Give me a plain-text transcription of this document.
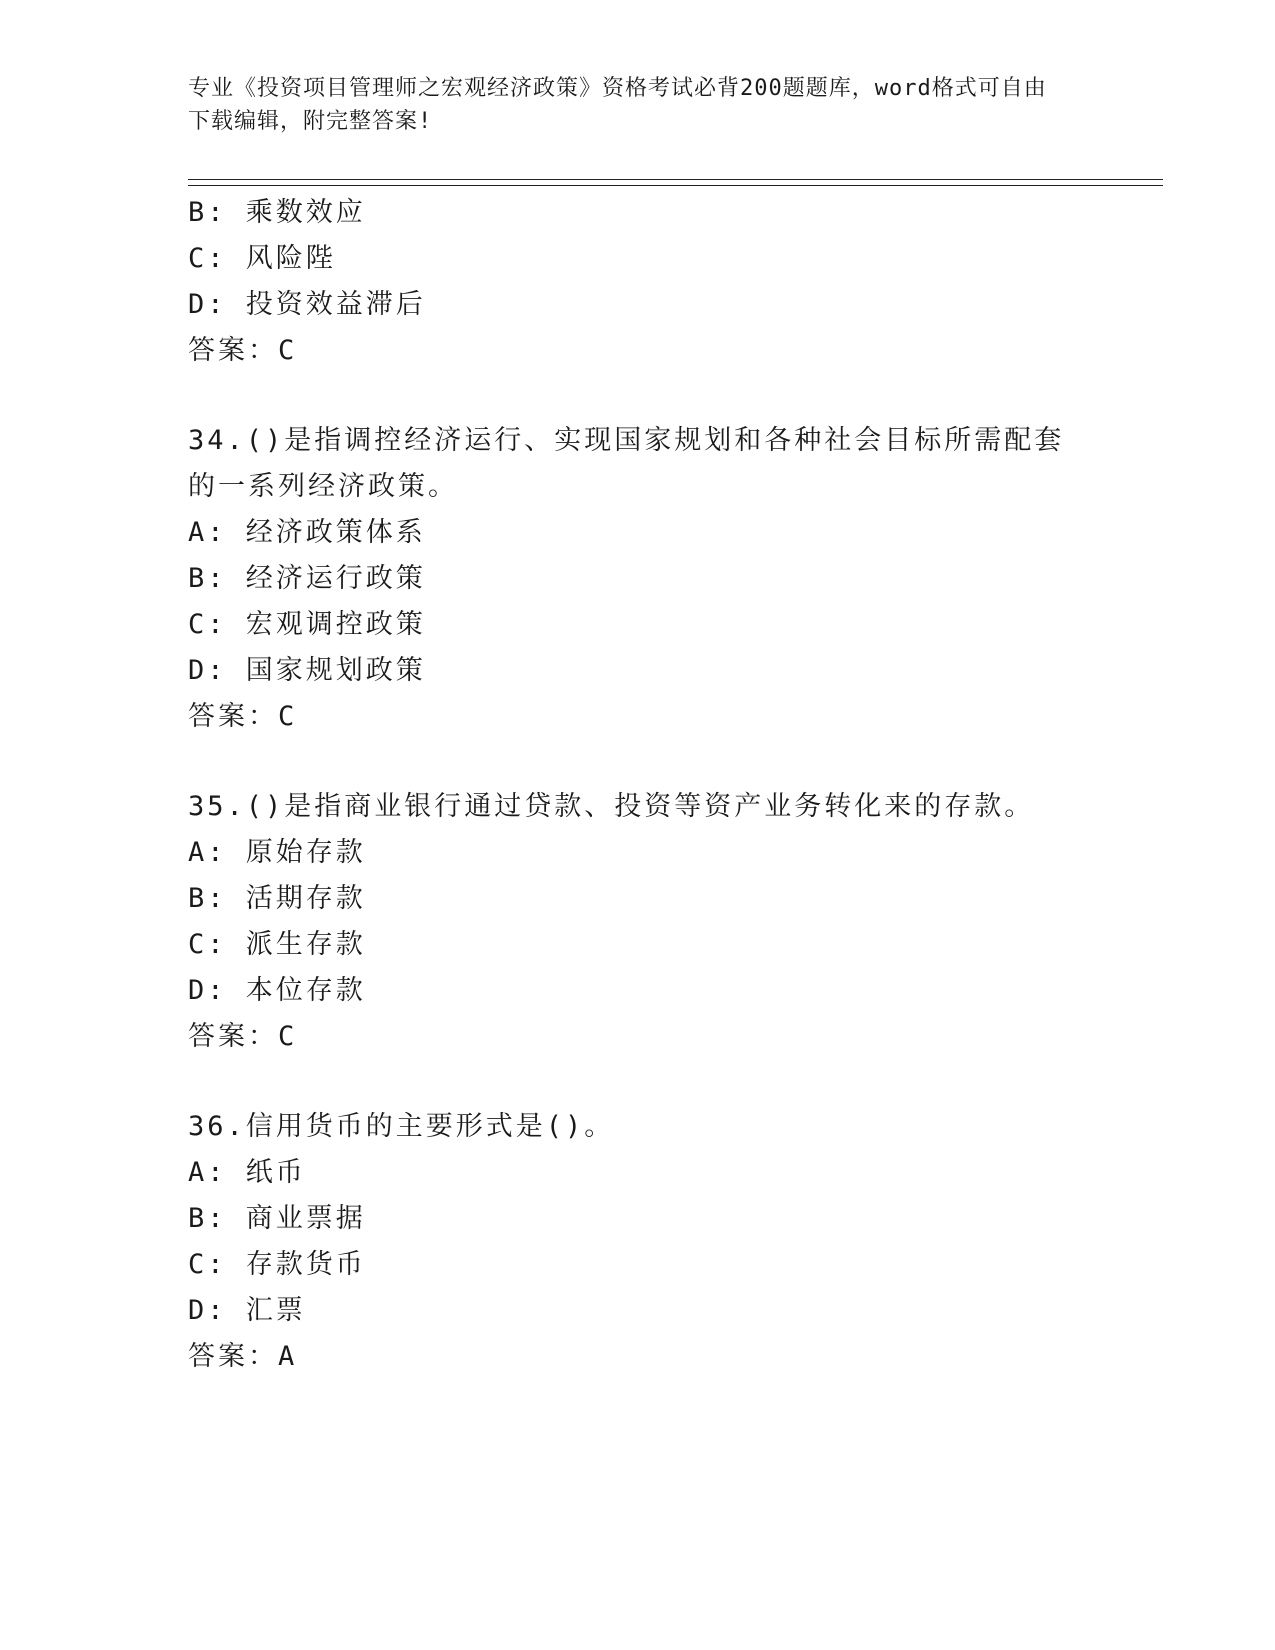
专业《投资项目管理师之宏观经济政策》资格考试必背200题题库，word格式可自由下载编辑，附完整答案!
B: 乘数效应
C: 风险陛
D: 投资效益滞后
答案：C
34.()是指调控经济运行、实现国家规划和各种社会目标所需配套的一系列经济政策。
A: 经济政策体系
B: 经济运行政策
C: 宏观调控政策
D: 国家规划政策
答案：C
35.()是指商业银行通过贷款、投资等资产业务转化来的存款。
A: 原始存款
B: 活期存款
C: 派生存款
D: 本位存款
答案：C
36.信用货币的主要形式是()。
A: 纸币
B: 商业票据
C: 存款货币
D: 汇票
答案：A
